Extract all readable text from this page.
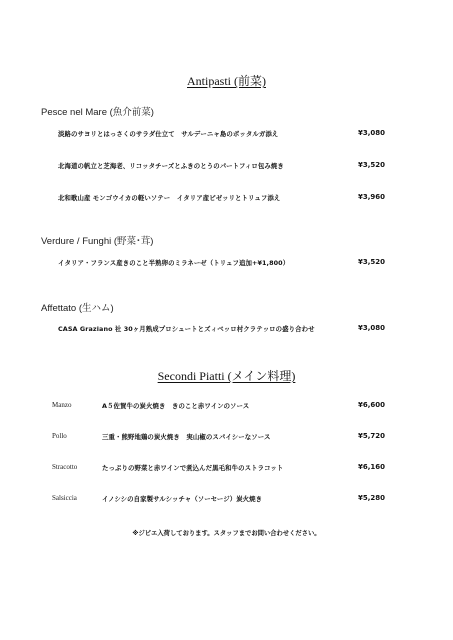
Antipasti (前菜)
Pesce nel Mare (魚介前菜)
淡路のサヨリとはっさくのサラダ仕立て　サルデーニャ島のボッタルガ添え	¥3,080
北海道の帆立と芝海老、リコッタチーズとふきのとうのパートフィロ包み焼き	¥3,520
北和歌山産 モンゴウイカの軽いソテー　イタリア産ピゼッリとトリュフ添え	¥3,960
Verdure / Funghi (野菜･茸)
イタリア・フランス産きのこと半熟卵のミラネーゼ（トリュフ追加+¥1,800）	¥3,520
Affettato (生ハム)
CASA Graziano 社 30ヶ月熟成プロシュートとズィベッロ村クラテッロの盛り合わせ	¥3,080
Secondi Piatti (メイン料理)
Manzo	A５佐賀牛の炭火焼き　きのこと赤ワインのソース	¥6,600
Pollo	三重・熊野地鶏の炭火焼き　実山椒のスパイシーなソース	¥5,720
Stracotto	たっぷりの野菜と赤ワインで煮込んだ黒毛和牛のストラコット	¥6,160
Salsiccia	イノシシの自家製サルシッチャ（ソーセージ）炭火焼き	¥5,280
※ジビエ入荷しております。スタッフまでお問い合わせください。
